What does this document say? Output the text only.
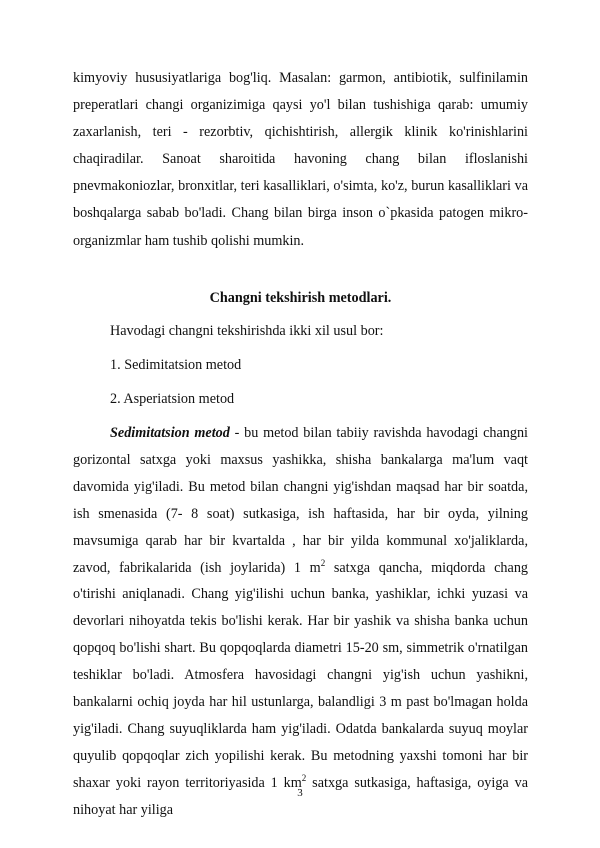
kimyoviy hususiyatlariga bog'liq. Masalan: garmon, antibiotik, sulfinilamin preperatlari changi organizimiga qaysi yo'l bilan tushishiga qarab: umumiy zaxarlanish, teri - rezorbtiv, qichishtirish, allergik klinik ko'rinishlarini chaqiradilar. Sanoat sharoitida havoning chang bilan ifloslanishi pnevmakoniozlar, bronxitlar, teri kasalliklari, o'simta, ko'z, burun kasalliklari va boshqalarga sabab bo'ladi. Chang bilan birga inson o`pkasida patogen mikro-organizmlar ham tushib qolishi mumkin.

Changni tekshirish metodlari.
Havodagi changni tekshirishda ikki xil usul bor:
1. Sedimitatsion metod
2. Asperiatsion metod

Sedimitatsion metod - bu metod bilan tabiiy ravishda havodagi changni gorizontal satxga yoki maxsus yashikka, shisha bankalarga ma'lum vaqt davomida yig'iladi. Bu metod bilan changni yig'ishdan maqsad har bir soatda, ish smenasida (7- 8 soat) sutkasiga, ish haftasida, har bir oyda, yilning mavsumiga qarab har bir kvartalda , har bir yilda kommunal xo'jaliklarda, zavod, fabrikalarida (ish joylarida) 1 $m^2$ satxga qancha, miqdorda chang o'tirishi aniqlanadi. Chang yig'ilishi uchun banka, yashiklar, ichki yuzasi va devorlari nihoyatda tekis bo'lishi kerak. Har bir yashik va shisha banka uchun qopqoq bo'lishi shart. Bu qopqoqlarda diametri 15-20 sm, simmetrik o'rnatilgan teshiklar bo'ladi. Atmosfera havosidagi changni yig'ish uchun yashikni, bankalarni ochiq joyda har hil ustunlarga, balandligi 3 m past bo'lmagan holda yig'iladi. Chang suyuqliklarda ham yig'iladi. Odatda bankalarda suyuq moylar quyulib qopqoqlar zich yopilishi kerak. Bu metodning yaxshi tomoni har bir shaxar yoki rayon territoriyasida 1 $km^2$ satxga sutkasiga, haftasiga, oyiga va nihoyat har yiliga

3
